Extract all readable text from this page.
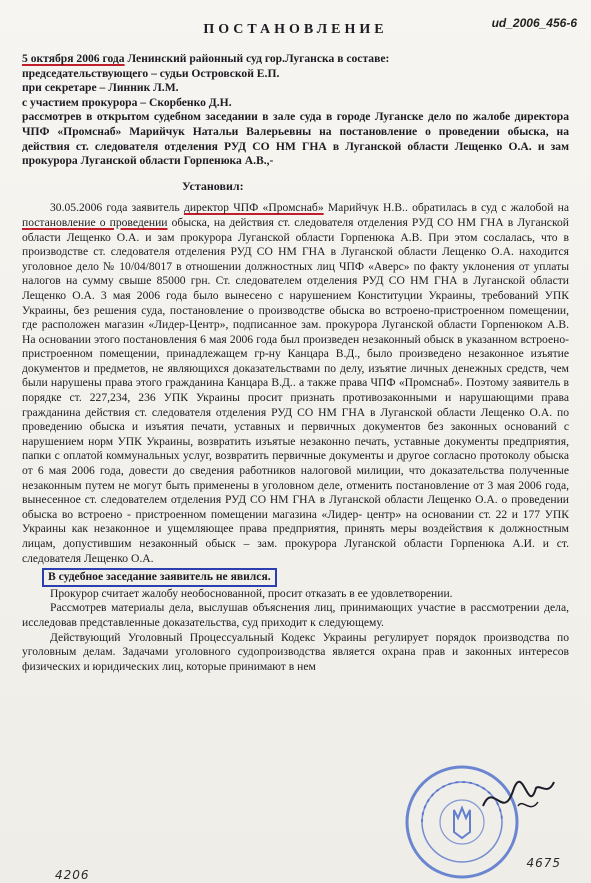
ud_2006_456-6
ПОСТАНОВЛЕНИЕ

5 октября 2006 года Ленинский районный суд гор.Луганска в составе:

председательствующего – судьи Островской Е.П.

при секретаре – Линник Л.М.

с участием прокурора – Скорбенко Д.Н.

рассмотрев в открытом судебном заседании в зале суда в городе Луганске дело по жалобе директора ЧПФ «Промснаб» Марийчук Натальи Валерьевны на постановление о проведении обыска, на действия ст. следователя отделения РУД СО НМ ГНА в Луганской области Лещенко О.А. и зам прокурора Луганской области Горпенюка А.В.,-

Установил:

30.05.2006 года заявитель директор ЧПФ «Промснаб» Марийчук Н.В.. обратилась в суд с жалобой на постановление о проведении обыска, на действия ст. следователя отделения РУД СО НМ ГНА в Луганской области Лещенко О.А. и зам прокурора Луганской области Горпенюка А.В. При этом сослалась, что в производстве ст. следователя отделения РУД СО НМ ГНА в Луганской области Лещенко О.А. находится уголовное дело № 10/04/8017 в отношении должностных лиц ЧПФ «Аверс» по факту уклонения от уплаты налогов на сумму свыше 85000 грн. Ст. следователем отделения РУД СО НМ ГНА в Луганской области Лещенко О.А. 3 мая 2006 года было вынесено с нарушением Конституции Украины, требований УПК Украины, без решения суда, постановление о производстве обыска во встроено-пристроенном помещении, где расположен магазин «Лидер-Центр», подписанное зам. прокурора Луганской области Горпенюком А.В. На основании этого постановления 6 мая 2006 года был произведен незаконный обыск в указанном встроено-пристроенном помещении, принадлежащем гр-ну Канцара В.Д., было произведено незаконное изъятие документов и предметов, не являющихся доказательствами по делу, изъятие личных денежных средств, чем были нарушены права этого гражданина Канцара В.Д.. а также права ЧПФ «Промснаб». Поэтому заявитель в порядке ст. 227,234, 236 УПК Украины просит признать противозаконными и нарушающими права гражданина действия ст. следователя отделения РУД СО НМ ГНА в Луганской области Лещенко О.А. по проведению обыска и изъятия печати, уставных и первичных документов без законных оснований с нарушением норм УПК Украины, возвратить изъятые незаконно печать, уставные документы предприятия, папки с оплатой коммунальных услуг, возвратить первичные документы и другое согласно протоколу обыска от 6 мая 2006 года, довести до сведения работников налоговой милиции, что доказательства полученные незаконным путем не могут быть применены в уголовном деле, отменить постановление от 3 мая 2006 года, вынесенное ст. следователем отделения РУД СО НМ ГНА в Луганской области Лещенко О.А. о проведении обыска во встроено - пристроенном помещении магазина «Лидер- центр» на основании ст. 22 и 177 УПК Украины как незаконное и ущемляющее права предприятия, принять меры воздействия к должностным лицам, допустившим незаконный обыск – зам. прокурора Луганской области Горпенюка А.И. и ст. следователя Лещенко О.А.

В судебное заседание заявитель не явился.

Прокурор считает жалобу необоснованной, просит отказать в ее удовлетворении.

Рассмотрев материалы дела, выслушав объяснения лиц, принимающих участие в рассмотрении дела, исследовав представленные доказательства, суд приходит к следующему.

Действующий Уголовный Процессуальный Кодекс Украины регулирует порядок производства по уголовным делам. Задачами уголовного судопроизводства является охрана прав и законных интересов физических и юридических лиц, которые принимают в нем

4206
4675
